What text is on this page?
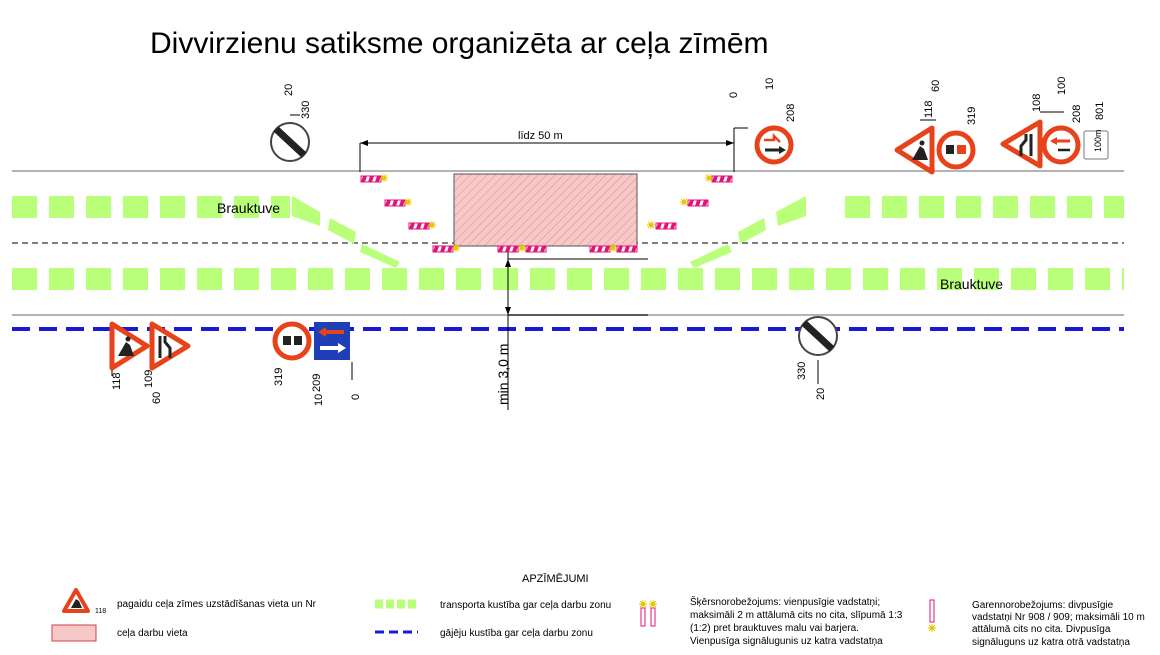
Divvirzienu satiksme organizēta ar ceļa zīmēm
Brauktuve
Brauktuve
līdz 50 m
min 3,0 m
20
330
0
10
208	118
60
319
100m
108
100
208 801
118 109
60
319 209
10 0
330
20
APZĪMĒJUMI
118
pagaidu ceļa zīmes uzstādīšanas vieta un Nr
ceļa darbu vieta
transporta kustība gar ceļa darbu zonu
gājēju kustība gar ceļa darbu zonu
Šķērsnorobežojums: vienpusīgie vadstatņi;
maksimāli 2 m attālumā cits no cita, slīpumā 1:3
(1:2) pret brauktuves malu vai barjera.
Vienpusīga signālugunis uz katra vadstatņa
Garennorobežojums: divpusīgie
vadstatņi Nr 908 / 909; maksimāli 10 m
attālumā cits no cita. Divpusīga
signāluguns uz katra otrā vadstatņa
